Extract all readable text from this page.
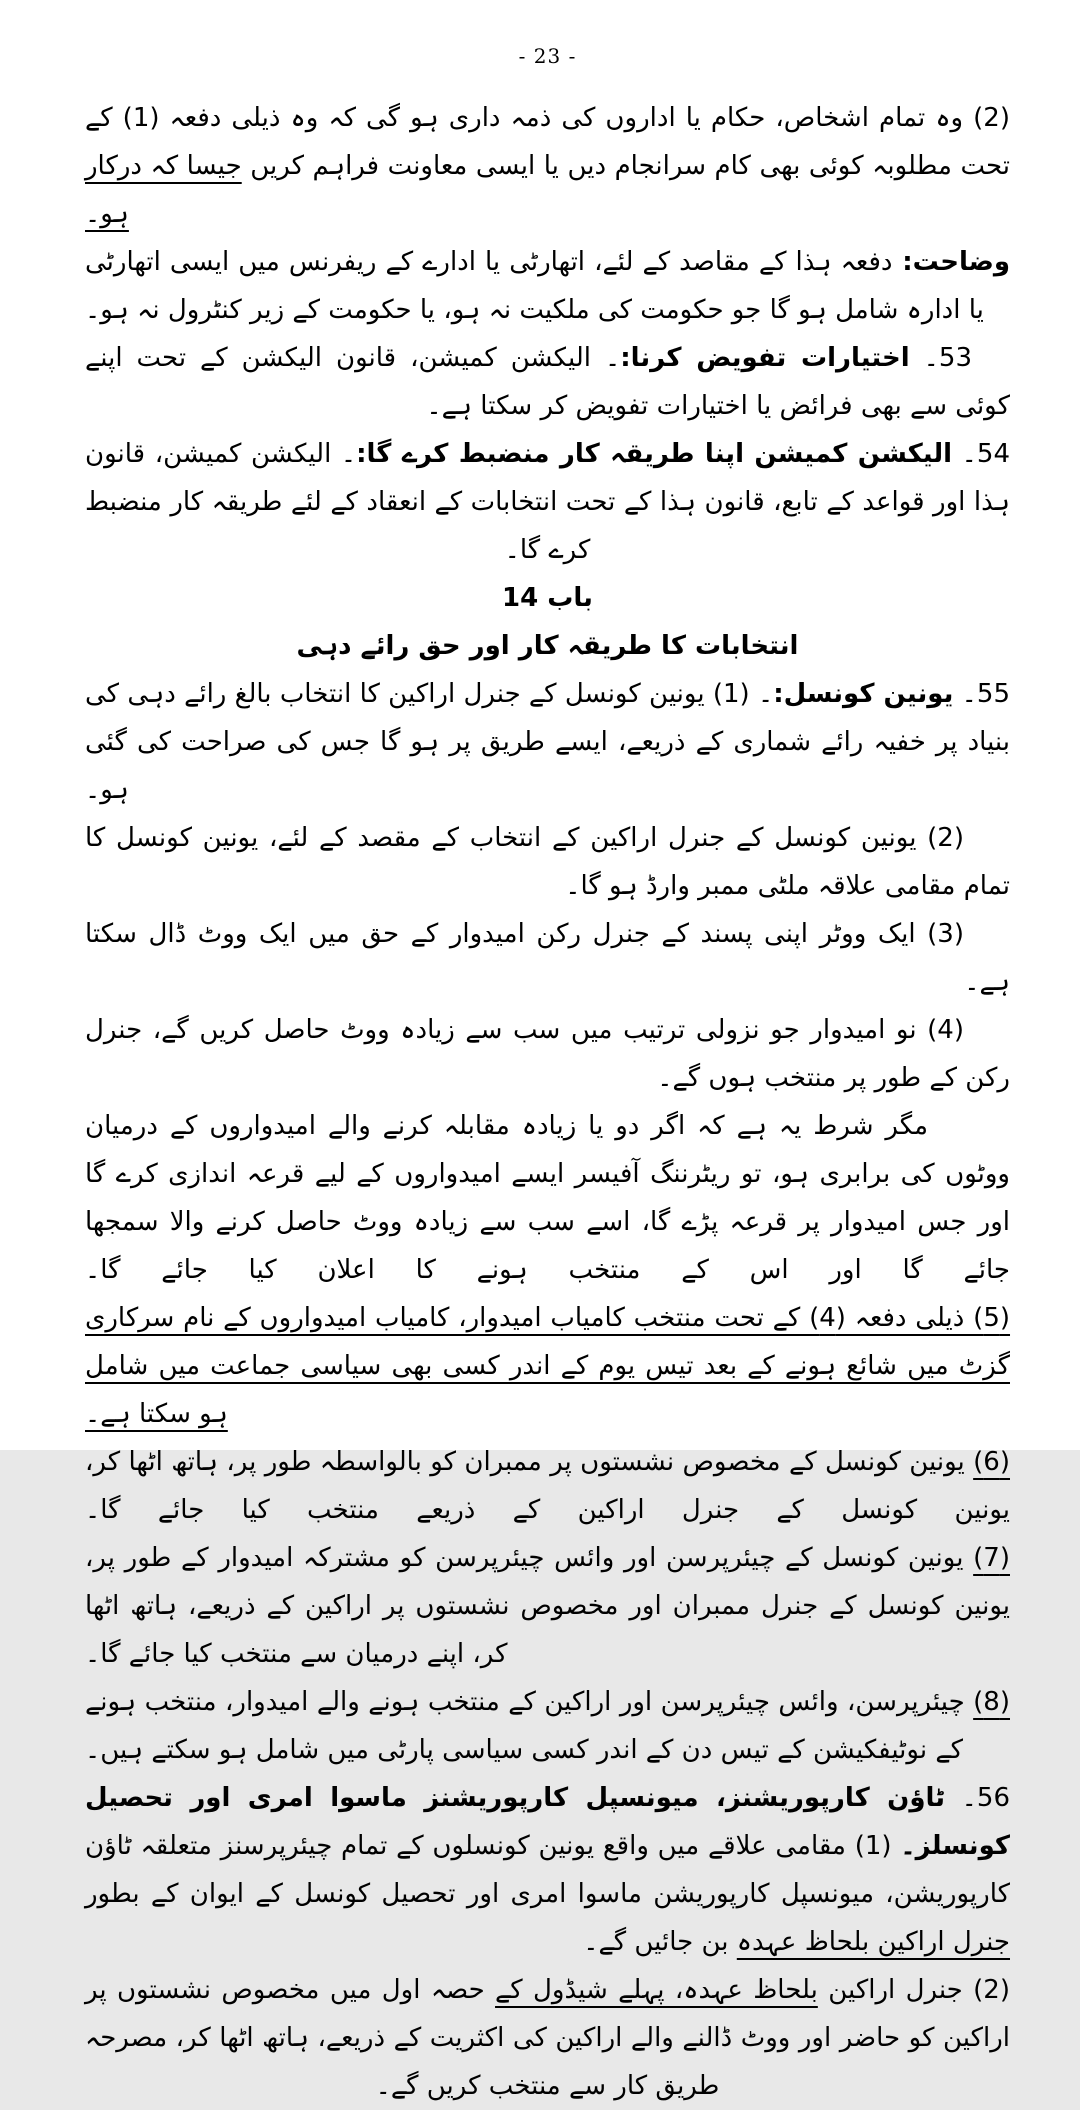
- 23 -

(2) وہ تمام اشخاص، حکام یا اداروں کی ذمہ داری ہو گی کہ وہ ذیلی دفعہ (1) کے تحت مطلوبہ کوئی بھی کام سرانجام دیں یا ایسی معاونت فراہم کریں جیسا کہ درکار ہو۔

وضاحت: دفعہ ہذا کے مقاصد کے لئے، اتھارٹی یا ادارے کے ریفرنس میں ایسی اتھارٹی یا ادارہ شامل ہو گا جو حکومت کی ملکیت نہ ہو، یا حکومت کے زیر کنٹرول نہ ہو۔

53۔ اختیارات تفویض کرنا:۔ الیکشن کمیشن، قانون الیکشن کے تحت اپنے کوئی سے بھی فرائض یا اختیارات تفویض کر سکتا ہے۔

54۔ الیکشن کمیشن اپنا طریقہ کار منضبط کرے گا:۔ الیکشن کمیشن، قانون ہذا اور قواعد کے تابع، قانون ہذا کے تحت انتخابات کے انعقاد کے لئے طریقہ کار منضبط کرے گا۔

باب 14

انتخابات کا طریقہ کار اور حق رائے دہی

55۔ یونین کونسل:۔ (1) یونین کونسل کے جنرل اراکین کا انتخاب بالغ رائے دہی کی بنیاد پر خفیہ رائے شماری کے ذریعے، ایسے طریق پر ہو گا جس کی صراحت کی گئی ہو۔

(2) یونین کونسل کے جنرل اراکین کے انتخاب کے مقصد کے لئے، یونین کونسل کا تمام مقامی علاقہ ملٹی ممبر وارڈ ہو گا۔

(3) ایک ووٹر اپنی پسند کے جنرل رکن امیدوار کے حق میں ایک ووٹ ڈال سکتا ہے۔

(4) نو امیدوار جو نزولی ترتیب میں سب سے زیادہ ووٹ حاصل کریں گے، جنرل رکن کے طور پر منتخب ہوں گے۔

مگر شرط یہ ہے کہ اگر دو یا زیادہ مقابلہ کرنے والے امیدواروں کے درمیان ووٹوں کی برابری ہو، تو ریٹرننگ آفیسر ایسے امیدواروں کے لیے قرعہ اندازی کرے گا اور جس امیدوار پر قرعہ پڑے گا، اسے سب سے زیادہ ووٹ حاصل کرنے والا سمجھا جائے گا اور اس کے منتخب ہونے کا اعلان کیا جائے گا۔

(5) ذیلی دفعہ (4) کے تحت منتخب کامیاب امیدوار، کامیاب امیدواروں کے نام سرکاری گزٹ میں شائع ہونے کے بعد تیس یوم کے اندر کسی بھی سیاسی جماعت میں شامل ہو سکتا ہے۔

(6) یونین کونسل کے مخصوص نشستوں پر ممبران کو بالواسطہ طور پر، ہاتھ اٹھا کر، یونین کونسل کے جنرل اراکین کے ذریعے منتخب کیا جائے گا۔

(7) یونین کونسل کے چیئرپرسن اور وائس چیئرپرسن کو مشترکہ امیدوار کے طور پر، یونین کونسل کے جنرل ممبران اور مخصوص نشستوں پر اراکین کے ذریعے، ہاتھ اٹھا کر، اپنے درمیان سے منتخب کیا جائے گا۔

(8) چیئرپرسن، وائس چیئرپرسن اور اراکین کے منتخب ہونے والے امیدوار، منتخب ہونے کے نوٹیفکیشن کے تیس دن کے اندر کسی سیاسی پارٹی میں شامل ہو سکتے ہیں۔

56۔ ٹاؤن کارپوریشنز، میونسپل کارپوریشنز ماسوا امری اور تحصیل کونسلز۔ (1) مقامی علاقے میں واقع یونین کونسلوں کے تمام چیئرپرسنز متعلقہ ٹاؤن کارپوریشن، میونسپل کارپوریشن ماسوا امری اور تحصیل کونسل کے ایوان کے بطور جنرل اراکین بلحاظ عہدہ بن جائیں گے۔

(2) جنرل اراکین بلحاظ عہدہ، پہلے شیڈول کے حصہ اول میں مخصوص نشستوں پر اراکین کو حاضر اور ووٹ ڈالنے والے اراکین کی اکثریت کے ذریعے، ہاتھ اٹھا کر، مصرحہ طریق کار سے منتخب کریں گے۔
